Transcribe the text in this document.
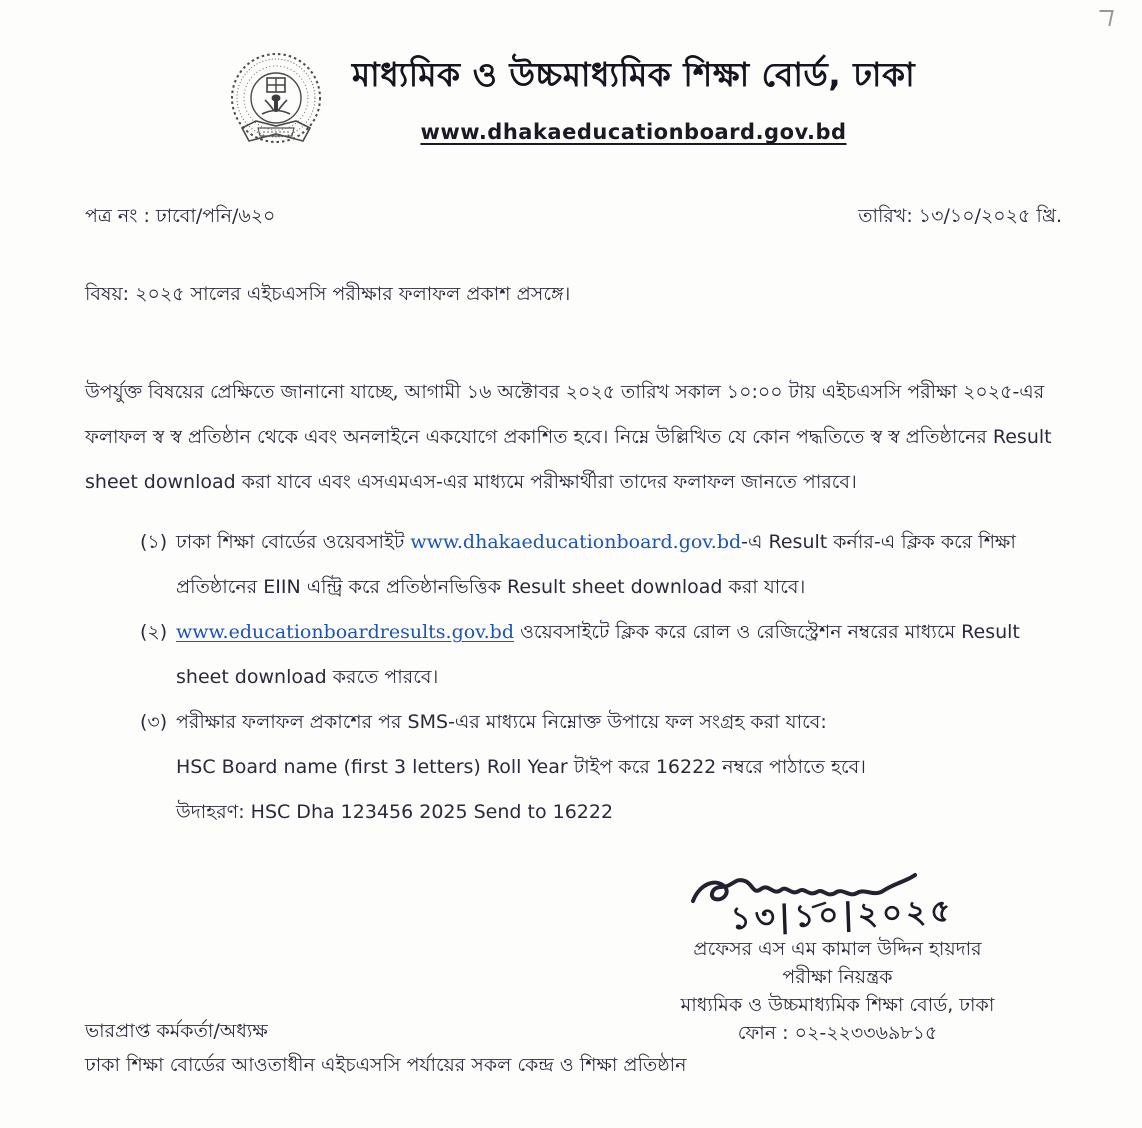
মাধ্যমিক ও উচ্চমাধ্যমিক শিক্ষা বোর্ড, ঢাকা

www.dhakaeducationboard.gov.bd
পত্র নং : ঢাবো/পনি/৬২০	তারিখ: ১৩/১০/২০২৫ খ্রি.
বিষয়: ২০২৫ সালের এইচএসসি পরীক্ষার ফলাফল প্রকাশ প্রসঙ্গে।
উপর্যুক্ত বিষয়ের প্রেক্ষিতে জানানো যাচ্ছে, আগামী ১৬ অক্টোবর ২০২৫ তারিখ সকাল ১০:০০ টায় এইচএসসি পরীক্ষা ২০২৫-এর
ফলাফল স্ব স্ব প্রতিষ্ঠান থেকে এবং অনলাইনে একযোগে প্রকাশিত হবে। নিম্নে উল্লিখিত যে কোন পদ্ধতিতে স্ব স্ব প্রতিষ্ঠানের Result
sheet download করা যাবে এবং এসএমএস-এর মাধ্যমে পরীক্ষার্থীরা তাদের ফলাফল জানতে পারবে।
(১) ঢাকা শিক্ষা বোর্ডের ওয়েবসাইট www.dhakaeducationboard.gov.bd-এ Result কর্নার-এ ক্লিক করে শিক্ষা
প্রতিষ্ঠানের EIIN এন্ট্রি করে প্রতিষ্ঠানভিত্তিক Result sheet download করা যাবে।
(২) www.educationboardresults.gov.bd ওয়েবসাইটে ক্লিক করে রোল ও রেজিস্ট্রেশন নম্বরের মাধ্যমে Result
sheet download করতে পারবে।
(৩) পরীক্ষার ফলাফল প্রকাশের পর SMS-এর মাধ্যমে নিম্নোক্ত উপায়ে ফল সংগ্রহ করা যাবে:
HSC Board name (first 3 letters) Roll Year টাইপ করে 16222 নম্বরে পাঠাতে হবে।
উদাহরণ: HSC Dha 123456 2025 Send to 16222
১৩|১০|২০২৫
প্রফেসর এস এম কামাল উদ্দিন হায়দার
পরীক্ষা নিয়ন্ত্রক
মাধ্যমিক ও উচ্চমাধ্যমিক শিক্ষা বোর্ড, ঢাকা
ফোন : ০২-২২৩৩৬৯৮১৫
ভারপ্রাপ্ত কর্মকর্তা/অধ্যক্ষ
ঢাকা শিক্ষা বোর্ডের আওতাধীন এইচএসসি পর্যায়ের সকল কেন্দ্র ও শিক্ষা প্রতিষ্ঠান
